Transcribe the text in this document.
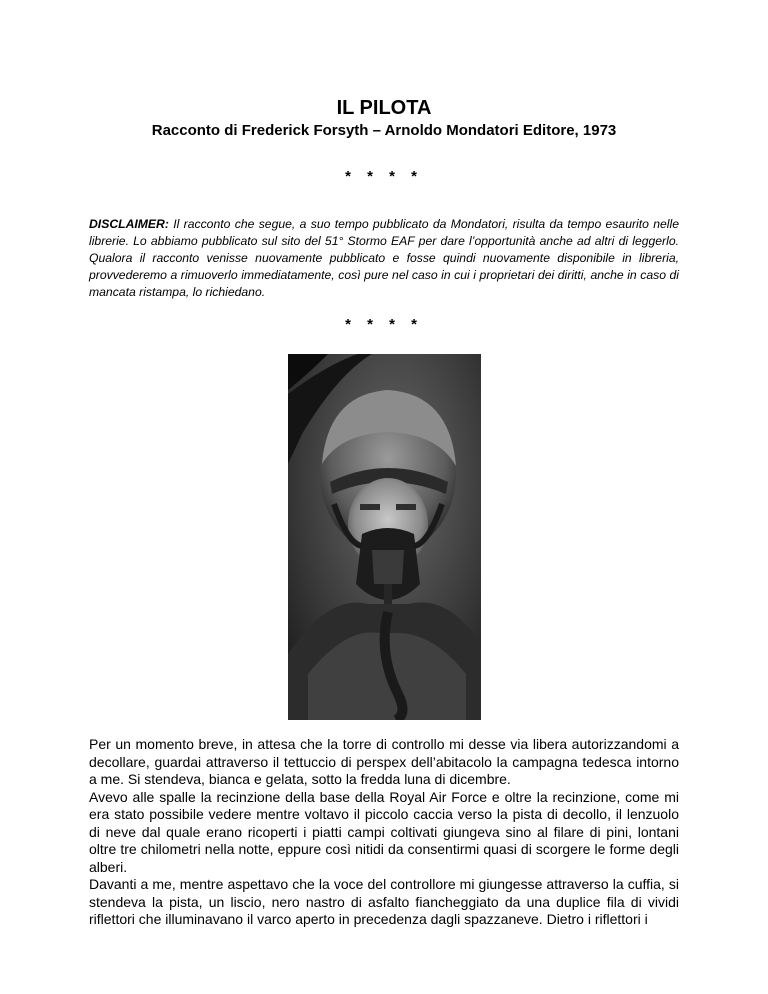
IL PILOTA
Racconto di Frederick Forsyth – Arnoldo Mondatori Editore, 1973
* * * *
DISCLAIMER: Il racconto che segue, a suo tempo pubblicato da Mondatori, risulta da tempo esaurito nelle librerie. Lo abbiamo pubblicato sul sito del 51° Stormo EAF per dare l’opportunità anche ad altri di leggerlo. Qualora il racconto venisse nuovamente pubblicato e fosse quindi nuovamente disponibile in libreria, provvederemo a rimuoverlo immediatamente, così pure nel caso in cui i proprietari dei diritti, anche in caso di mancata ristampa, lo richiedano.
* * * *

Per un momento breve, in attesa che la torre di controllo mi desse via libera autorizzandomi a decollare, guardai attraverso il tettuccio di perspex dell’abitacolo la campagna tedesca intorno a me. Si stendeva, bianca e gelata, sotto la fredda luna di dicembre.

Avevo alle spalle la recinzione della base della Royal Air Force e oltre la recinzione, come mi era stato possibile vedere mentre voltavo il piccolo caccia verso la pista di decollo, il lenzuolo di neve dal quale erano ricoperti i piatti campi coltivati giungeva sino al filare di pini, lontani oltre tre chilometri nella notte, eppure così nitidi da consentirmi quasi di scorgere le forme degli alberi.

Davanti a me, mentre aspettavo che la voce del controllore mi giungesse attraverso la cuffia, si stendeva la pista, un liscio, nero nastro di asfalto fiancheggiato da una duplice fila di vividi riflettori che illuminavano il varco aperto in precedenza dagli spazzaneve. Dietro i riflettori i
